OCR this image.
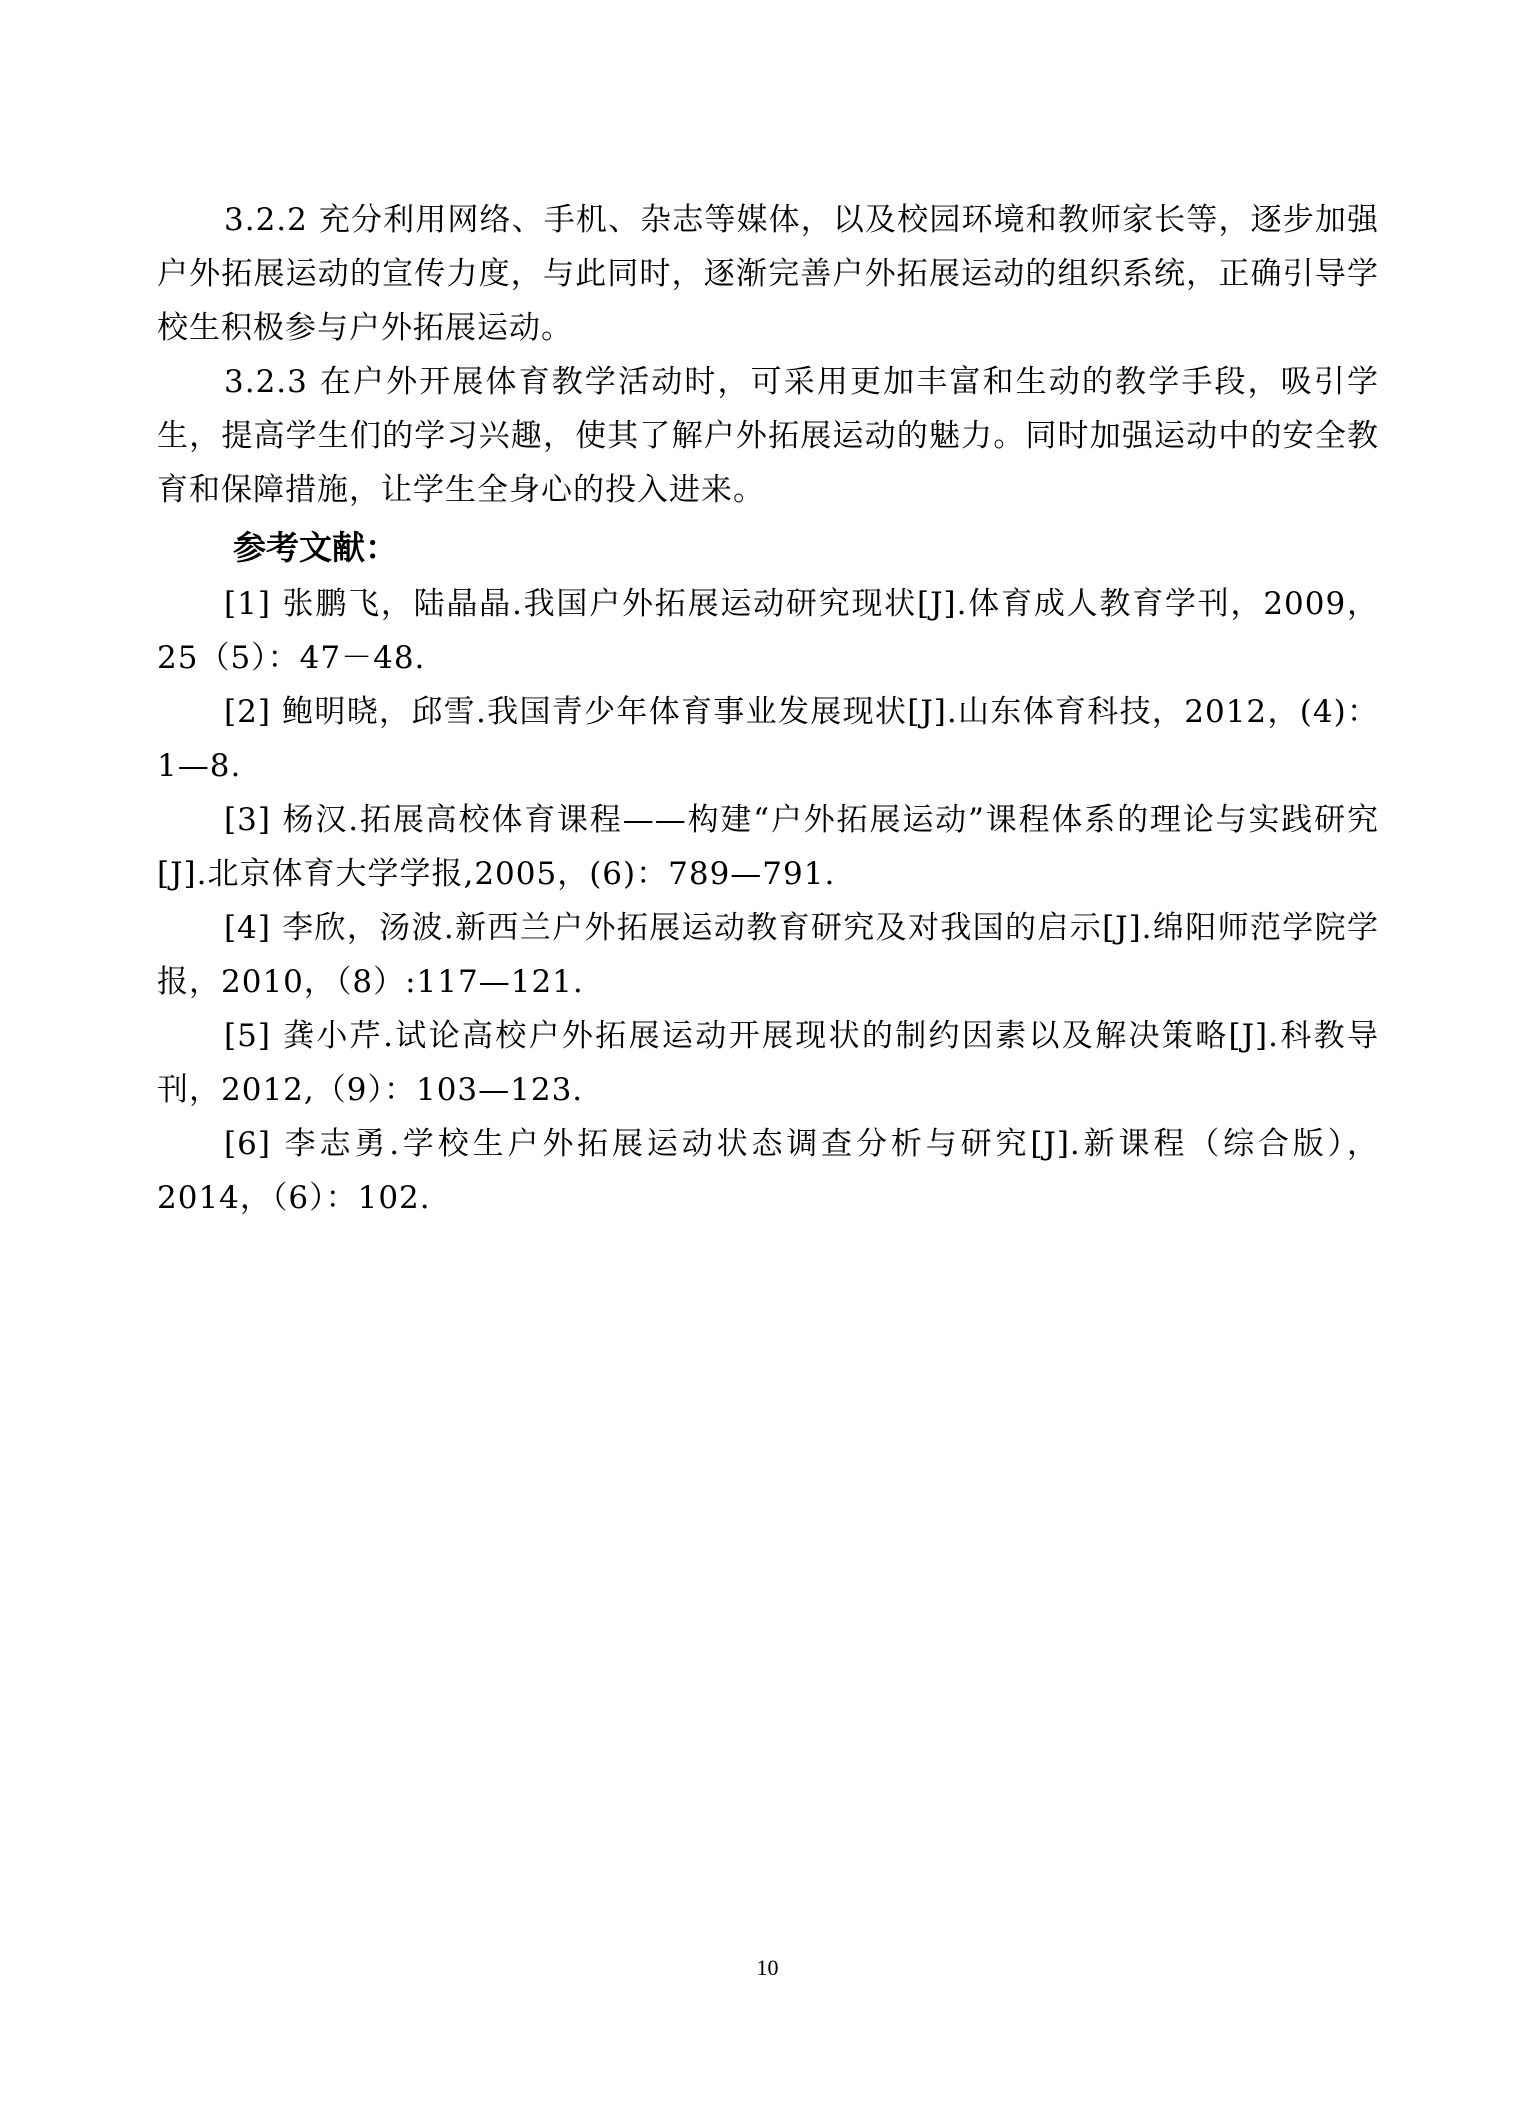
3.2.2 充分利用网络、手机、杂志等媒体，以及校园环境和教师家长等，逐步加强户外拓展运动的宣传力度，与此同时，逐渐完善户外拓展运动的组织系统，正确引导学校生积极参与户外拓展运动。

3.2.3 在户外开展体育教学活动时，可采用更加丰富和生动的教学手段，吸引学生，提高学生们的学习兴趣，使其了解户外拓展运动的魅力。同时加强运动中的安全教育和保障措施，让学生全身心的投入进来。

参考文献：

[1] 张鹏飞，陆晶晶.我国户外拓展运动研究现状[J].体育成人教育学刊，2009，25（5）：47－48.

[2] 鲍明晓，邱雪.我国青少年体育事业发展现状[J].山东体育科技，2012，(4)：1—8.

[3] 杨汉.拓展高校体育课程——构建“户外拓展运动”课程体系的理论与实践研究[J].北京体育大学学报,2005，(6)：789—791.

[4] 李欣，汤波.新西兰户外拓展运动教育研究及对我国的启示[J].绵阳师范学院学报，2010，（8）:117—121.

[5] 龚小芹.试论高校户外拓展运动开展现状的制约因素以及解决策略[J].科教导刊，2012,（9）：103—123.

[6] 李志勇.学校生户外拓展运动状态调查分析与研究[J].新课程（综合版），2014，（6）：102.

10
